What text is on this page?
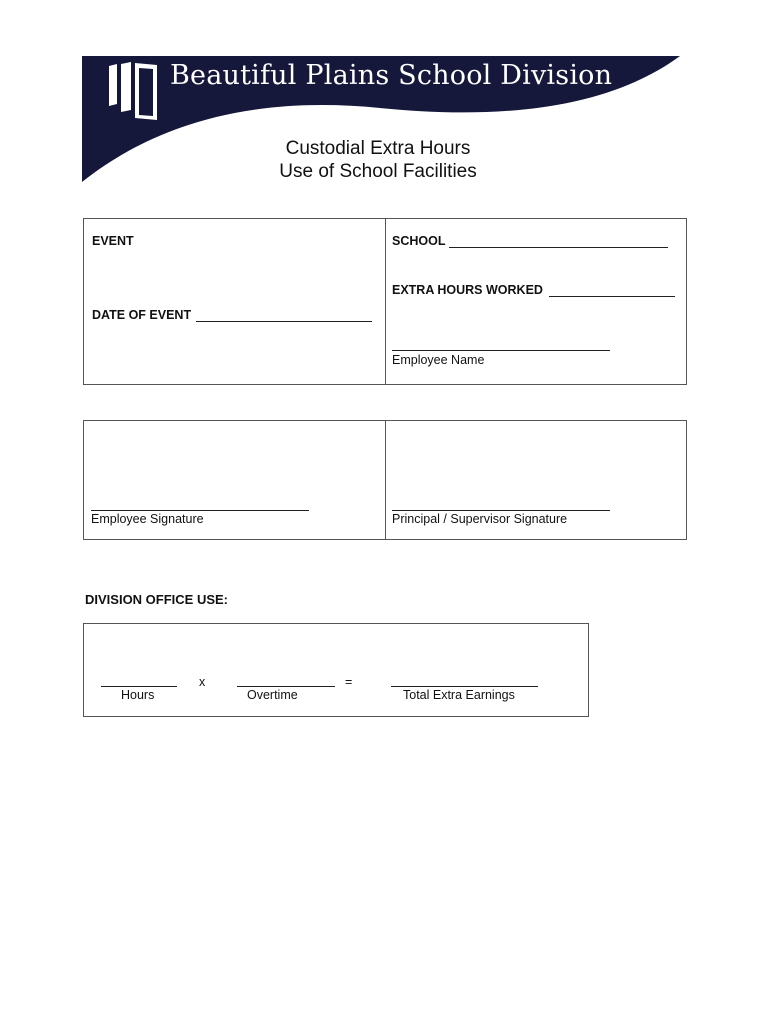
Beautiful Plains School Division
Custodial Extra Hours
Use of School Facilities
EVENT
DATE OF EVENT
SCHOOL
EXTRA HOURS WORKED
Employee Name
Employee Signature	Principal / Supervisor Signature
DIVISION OFFICE USE:
Hours
x
Overtime
=
Total Extra Earnings
